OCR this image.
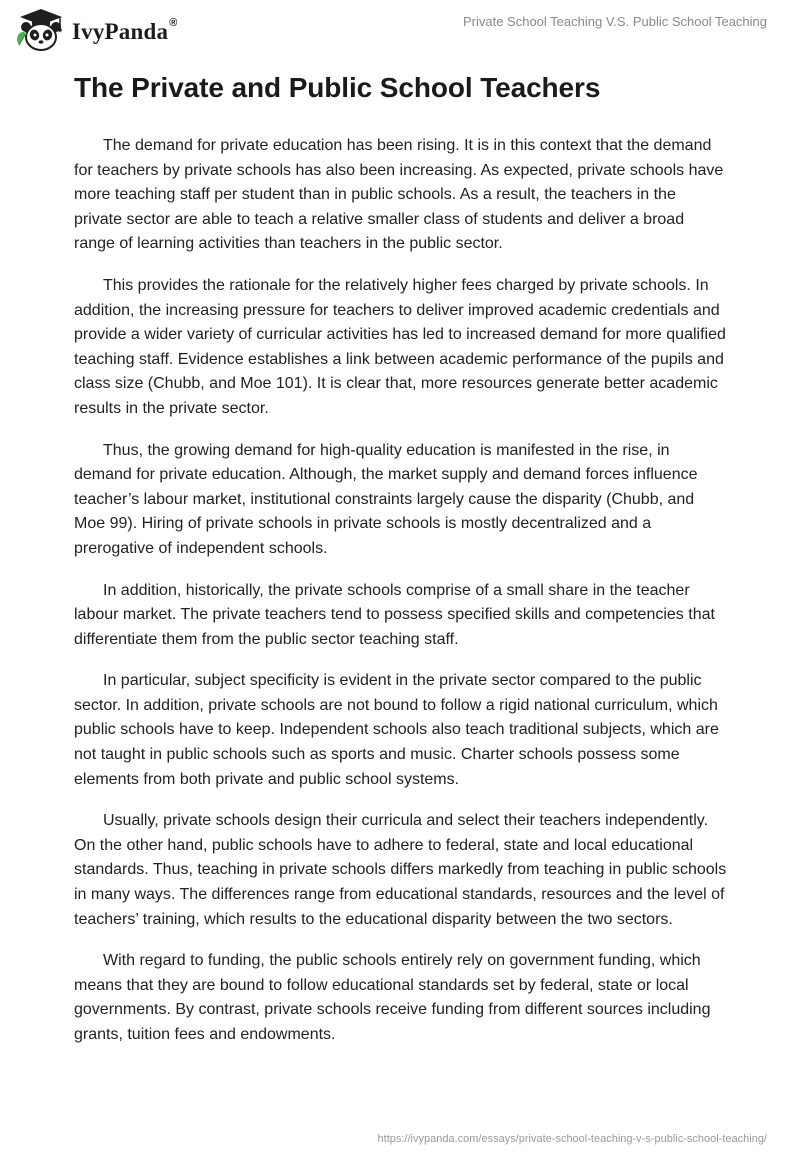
IvyPanda®	Private School Teaching V.S. Public School Teaching
The Private and Public School Teachers

The demand for private education has been rising. It is in this context that the demand for teachers by private schools has also been increasing. As expected, private schools have more teaching staff per student than in public schools. As a result, the teachers in the private sector are able to teach a relative smaller class of students and deliver a broad range of learning activities than teachers in the public sector.

This provides the rationale for the relatively higher fees charged by private schools. In addition, the increasing pressure for teachers to deliver improved academic credentials and provide a wider variety of curricular activities has led to increased demand for more qualified teaching staff. Evidence establishes a link between academic performance of the pupils and class size (Chubb, and Moe 101). It is clear that, more resources generate better academic results in the private sector.

Thus, the growing demand for high-quality education is manifested in the rise, in demand for private education. Although, the market supply and demand forces influence teacher’s labour market, institutional constraints largely cause the disparity (Chubb, and Moe 99). Hiring of private schools in private schools is mostly decentralized and a prerogative of independent schools.

In addition, historically, the private schools comprise of a small share in the teacher labour market. The private teachers tend to possess specified skills and competencies that differentiate them from the public sector teaching staff.

In particular, subject specificity is evident in the private sector compared to the public sector. In addition, private schools are not bound to follow a rigid national curriculum, which public schools have to keep. Independent schools also teach traditional subjects, which are not taught in public schools such as sports and music. Charter schools possess some elements from both private and public school systems.

Usually, private schools design their curricula and select their teachers independently. On the other hand, public schools have to adhere to federal, state and local educational standards. Thus, teaching in private schools differs markedly from teaching in public schools in many ways. The differences range from educational standards, resources and the level of teachers’ training, which results to the educational disparity between the two sectors.

With regard to funding, the public schools entirely rely on government funding, which means that they are bound to follow educational standards set by federal, state or local governments. By contrast, private schools receive funding from different sources including grants, tuition fees and endowments.

https://ivypanda.com/essays/private-school-teaching-v-s-public-school-teaching/
